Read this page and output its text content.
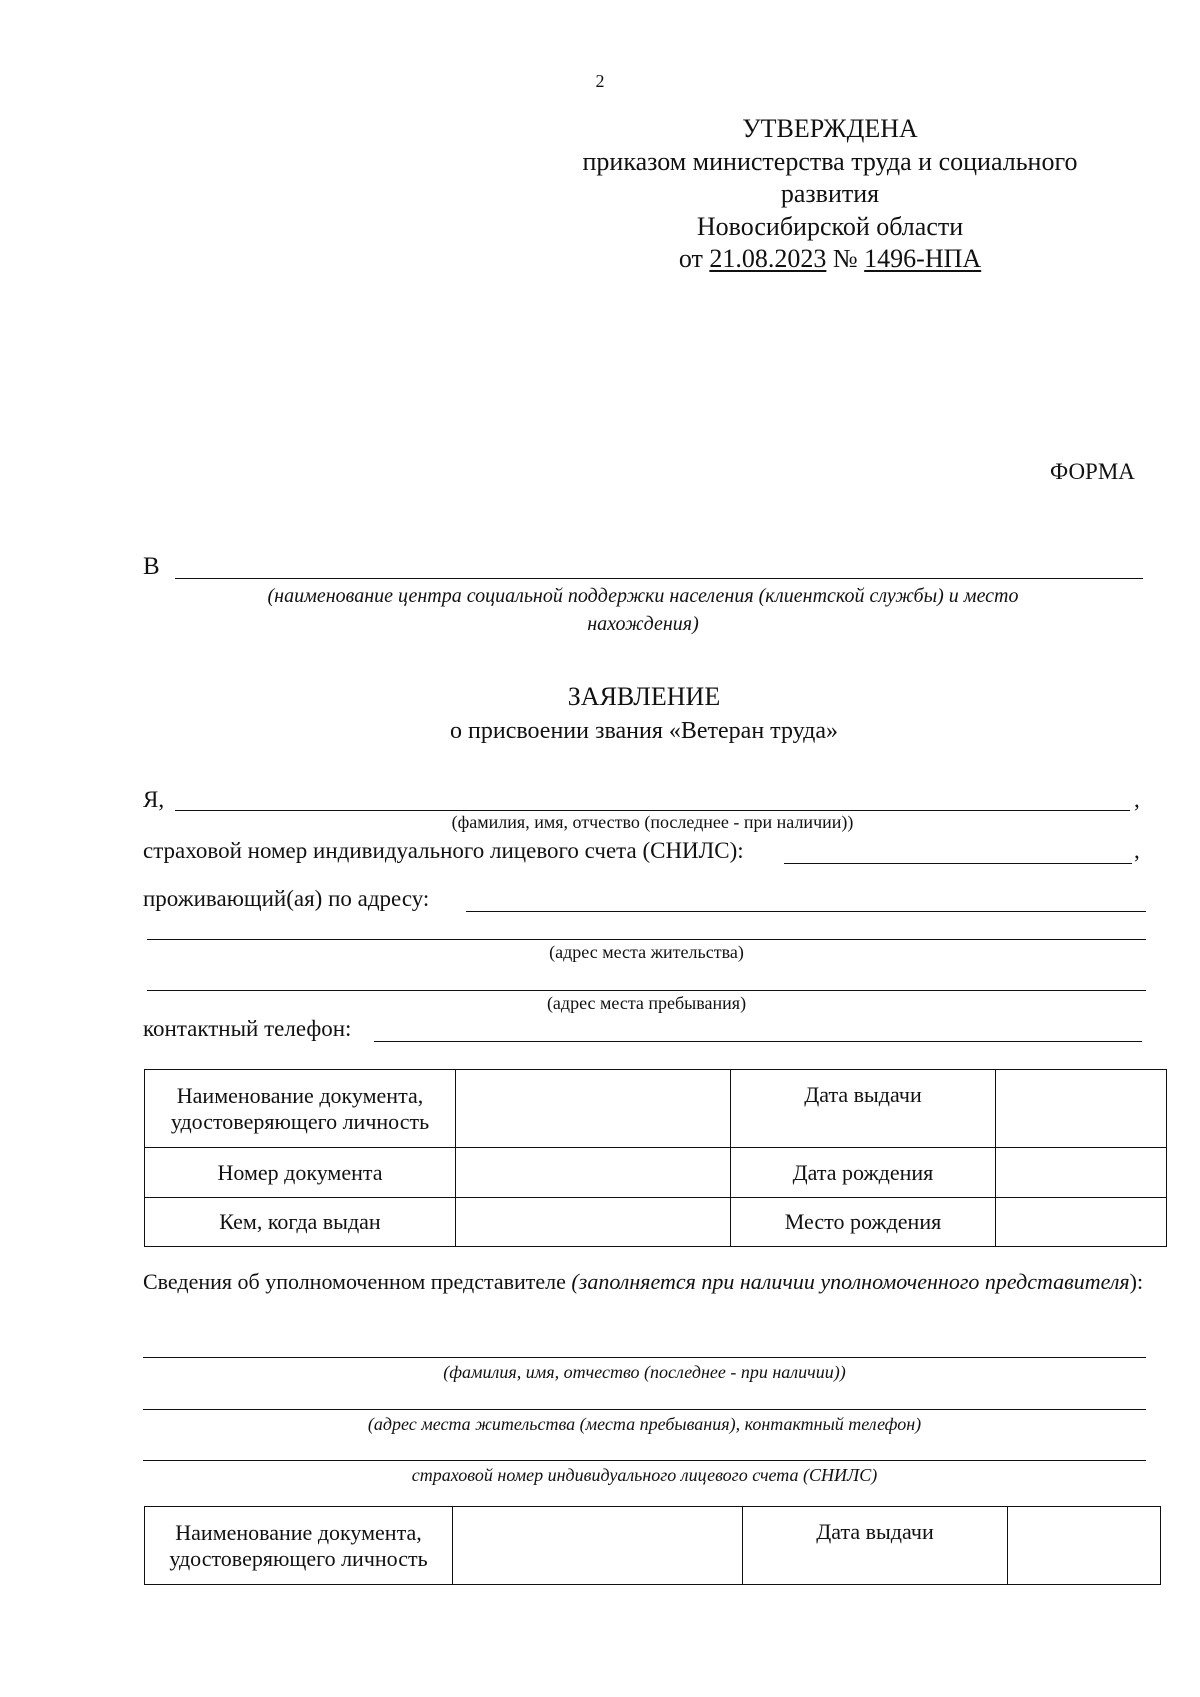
2
УТВЕРЖДЕНА
приказом министерства труда и социального
развития
Новосибирской области
от 21.08.2023 № 1496-НПА
ФОРМА
В
(наименование центра социальной поддержки населения (клиентской службы) и место
нахождения)
ЗАЯВЛЕНИЕ
о присвоении звания «Ветеран труда»
Я,	,
(фамилия, имя, отчество (последнее - при наличии))
страховой номер индивидуального лицевого счета (СНИЛС):	,
проживающий(ая) по адресу:
(адрес места жительства)
(адрес места пребывания)
контактный телефон:
Наименование документа, удостоверяющего личность		Дата выдачи	
Номер документа		Дата рождения	
Кем, когда выдан		Место рождения	
Сведения об уполномоченном представителе (заполняется при наличии уполномоченного представителя):
(фамилия, имя, отчество (последнее - при наличии))
(адрес места жительства (места пребывания), контактный телефон)
страховой номер индивидуального лицевого счета (СНИЛС)
Наименование документа, удостоверяющего личность		Дата выдачи	
